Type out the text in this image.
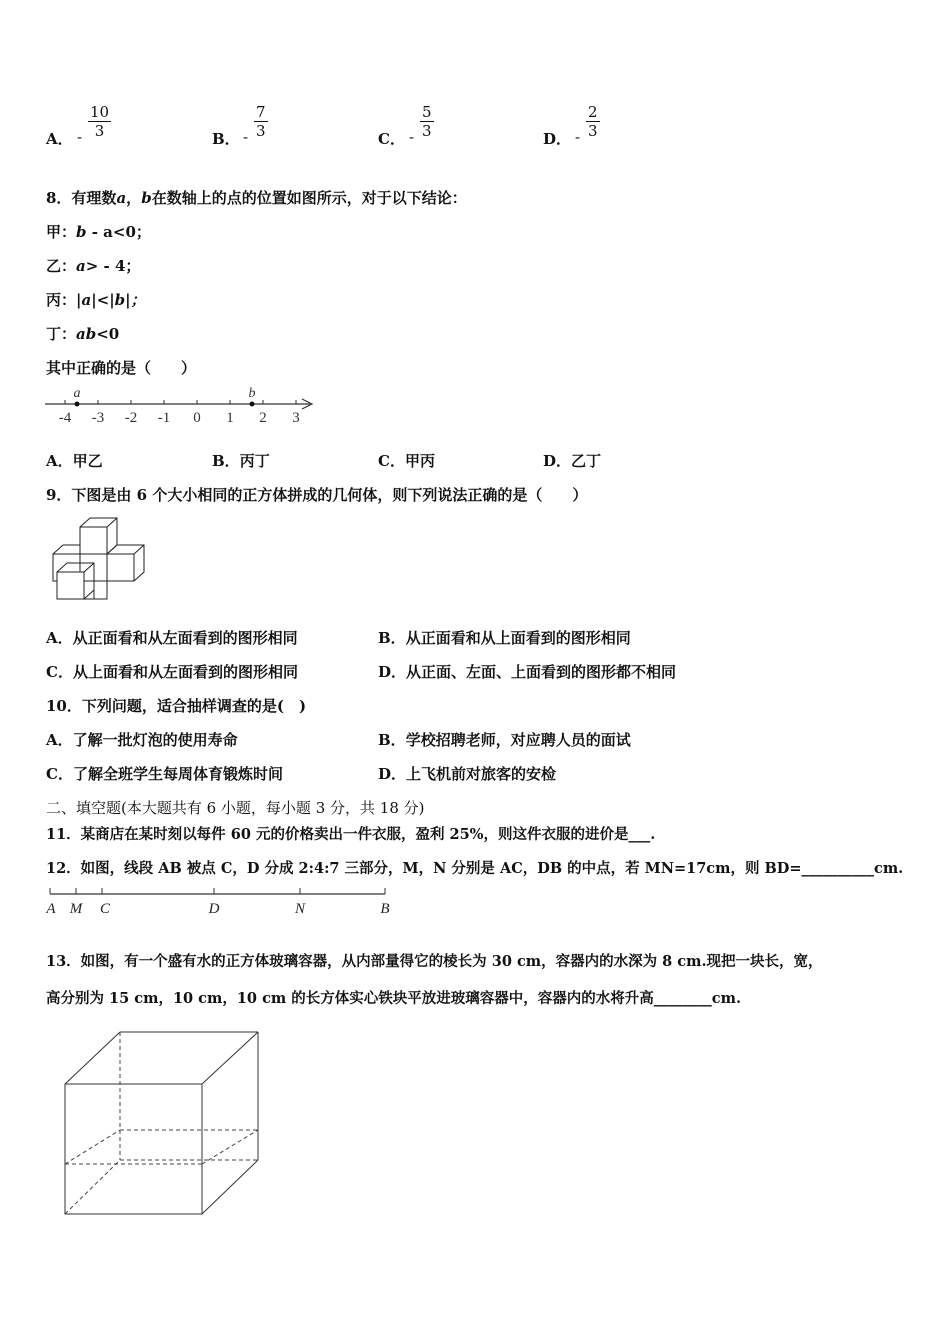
A． - $\frac{10}{3}$	B． - $\frac{7}{3}$	C． - $\frac{5}{3}$	D． - $\frac{2}{3}$
8．有理数a，b在数轴上的点的位置如图所示，对于以下结论：
甲：b - a<0；
乙：a> - 4；
丙：|a|<|b|；
丁：ab<0
其中正确的是（　　）
-4 -3 -2 -1 0 1 2 3
a	b
A．甲乙	B．丙丁	C．甲丙	D．乙丁
9．下图是由 6 个大小相同的正方体拼成的几何体，则下列说法正确的是（　　）
A．从正面看和从左面看到的图形相同	B．从正面看和从上面看到的图形相同
C．从上面看和从左面看到的图形相同	D．从正面、左面、上面看到的图形都不相同
10．下列问题，适合抽样调查的是(　)
A．了解一批灯泡的使用寿命	B．学校招聘老师，对应聘人员的面试
C．了解全班学生每周体育锻炼时间	D．上飞机前对旅客的安检
二、填空题(本大题共有 6 小题，每小题 3 分，共 18 分)
11．某商店在某时刻以每件 60 元的价格卖出一件衣服，盈利 25%，则这件衣服的进价是___.
12．如图，线段 AB 被点 C，D 分成 2:4:7 三部分，M，N 分别是 AC，DB 的中点，若 MN=17cm，则 BD=__________cm.
A M C	D	N	B
13．如图，有一个盛有水的正方体玻璃容器，从内部量得它的棱长为 30 cm，容器内的水深为 8 cm.现把一块长，宽，
高分别为 15 cm，10 cm，10 cm 的长方体实心铁块平放进玻璃容器中，容器内的水将升高________cm.
